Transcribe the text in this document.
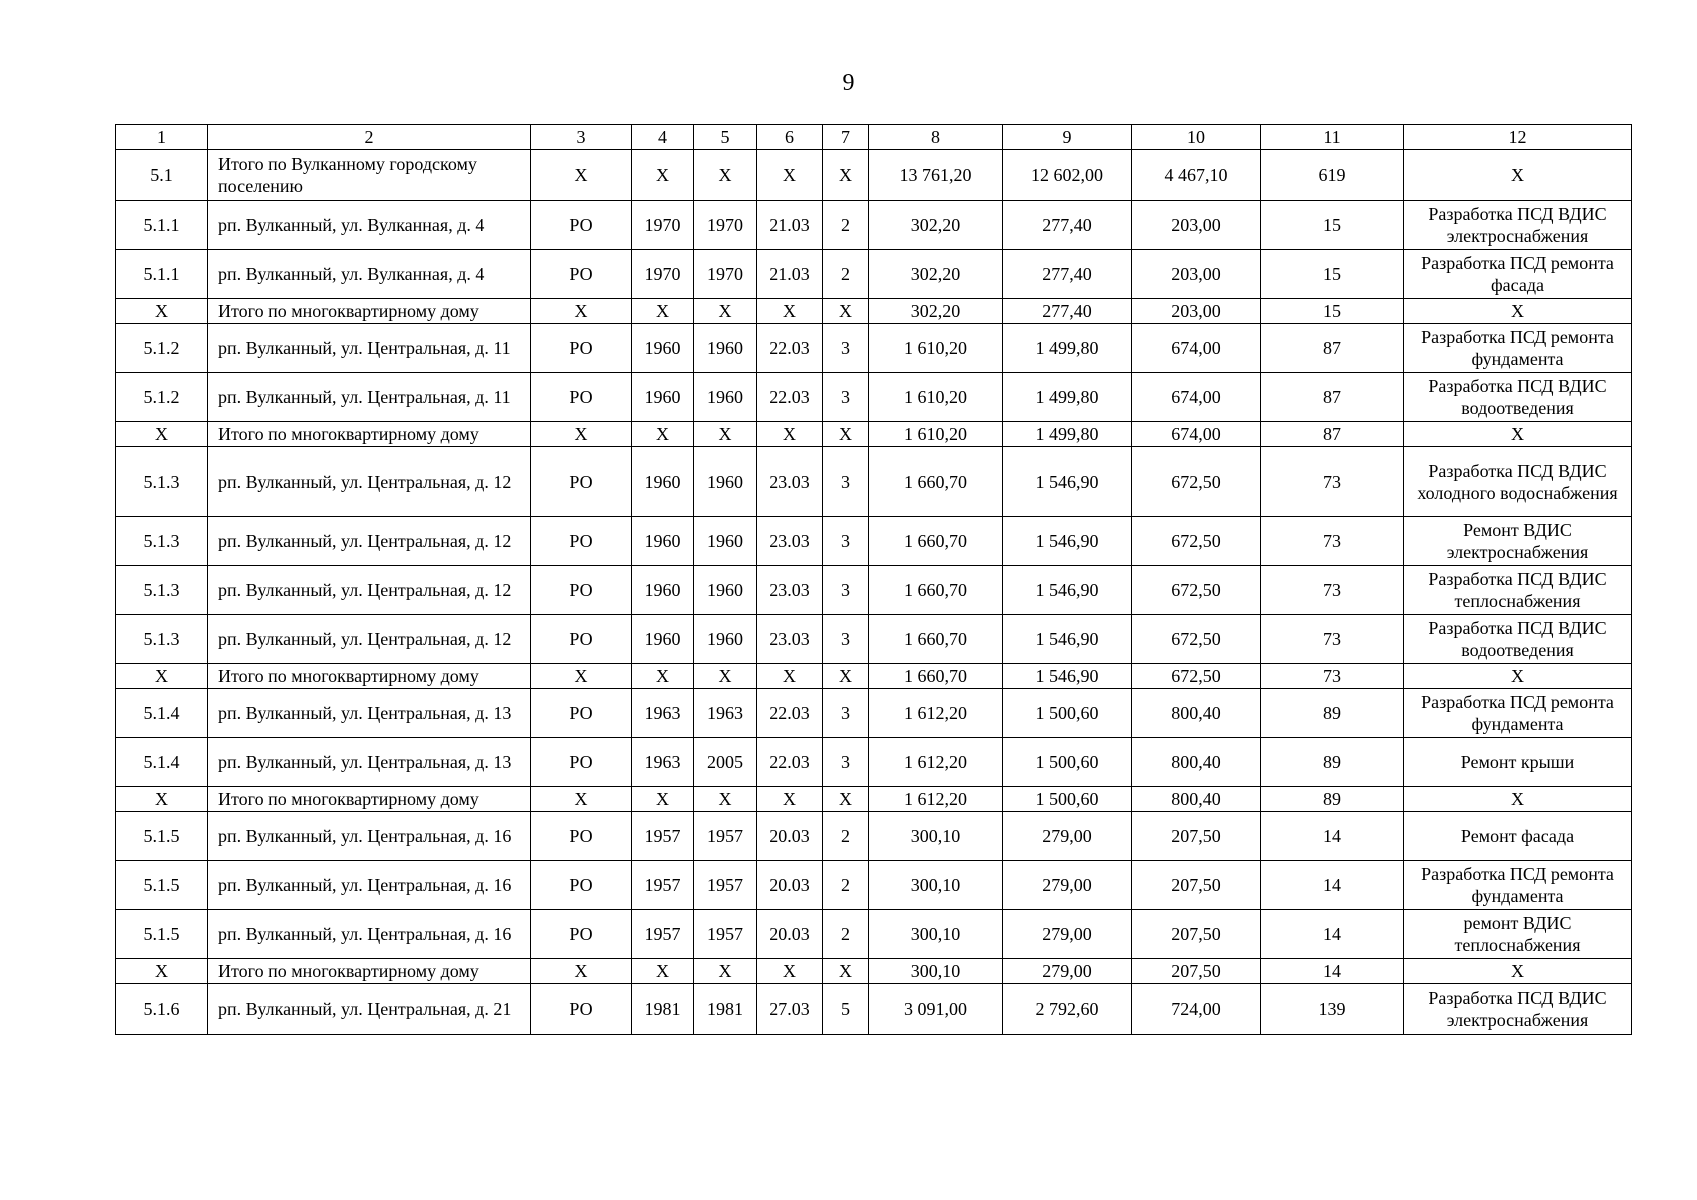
9
1	2	3	4	5	6	7	8	9	10	11	12
5.1	Итого по Вулканному городскому поселению	Х	Х	Х	Х	Х	13 761,20	12 602,00	4 467,10	619	Х
5.1.1	рп. Вулканный, ул. Вулканная, д. 4	РО	1970	1970	21.03	2	302,20	277,40	203,00	15	Разработка ПСД ВДИС электроснабжения
5.1.1	рп. Вулканный, ул. Вулканная, д. 4	РО	1970	1970	21.03	2	302,20	277,40	203,00	15	Разработка ПСД ремонта фасада
Х	Итого по многоквартирному дому	Х	Х	Х	Х	Х	302,20	277,40	203,00	15	Х
5.1.2	рп. Вулканный, ул. Центральная, д. 11	РО	1960	1960	22.03	3	1 610,20	1 499,80	674,00	87	Разработка ПСД ремонта фундамента
5.1.2	рп. Вулканный, ул. Центральная, д. 11	РО	1960	1960	22.03	3	1 610,20	1 499,80	674,00	87	Разработка ПСД ВДИС водоотведения
Х	Итого по многоквартирному дому	Х	Х	Х	Х	Х	1 610,20	1 499,80	674,00	87	Х
5.1.3	рп. Вулканный, ул. Центральная, д. 12	РО	1960	1960	23.03	3	1 660,70	1 546,90	672,50	73	Разработка ПСД ВДИС холодного водоснабжения
5.1.3	рп. Вулканный, ул. Центральная, д. 12	РО	1960	1960	23.03	3	1 660,70	1 546,90	672,50	73	Ремонт ВДИС электроснабжения
5.1.3	рп. Вулканный, ул. Центральная, д. 12	РО	1960	1960	23.03	3	1 660,70	1 546,90	672,50	73	Разработка ПСД ВДИС теплоснабжения
5.1.3	рп. Вулканный, ул. Центральная, д. 12	РО	1960	1960	23.03	3	1 660,70	1 546,90	672,50	73	Разработка ПСД ВДИС водоотведения
Х	Итого по многоквартирному дому	Х	Х	Х	Х	Х	1 660,70	1 546,90	672,50	73	Х
5.1.4	рп. Вулканный, ул. Центральная, д. 13	РО	1963	1963	22.03	3	1 612,20	1 500,60	800,40	89	Разработка ПСД ремонта фундамента
5.1.4	рп. Вулканный, ул. Центральная, д. 13	РО	1963	2005	22.03	3	1 612,20	1 500,60	800,40	89	Ремонт крыши
Х	Итого по многоквартирному дому	Х	Х	Х	Х	Х	1 612,20	1 500,60	800,40	89	Х
5.1.5	рп. Вулканный, ул. Центральная, д. 16	РО	1957	1957	20.03	2	300,10	279,00	207,50	14	Ремонт фасада
5.1.5	рп. Вулканный, ул. Центральная, д. 16	РО	1957	1957	20.03	2	300,10	279,00	207,50	14	Разработка ПСД ремонта фундамента
5.1.5	рп. Вулканный, ул. Центральная, д. 16	РО	1957	1957	20.03	2	300,10	279,00	207,50	14	ремонт ВДИС теплоснабжения
Х	Итого по многоквартирному дому	Х	Х	Х	Х	Х	300,10	279,00	207,50	14	Х
5.1.6	рп. Вулканный, ул. Центральная, д. 21	РО	1981	1981	27.03	5	3 091,00	2 792,60	724,00	139	Разработка ПСД ВДИС электроснабжения
